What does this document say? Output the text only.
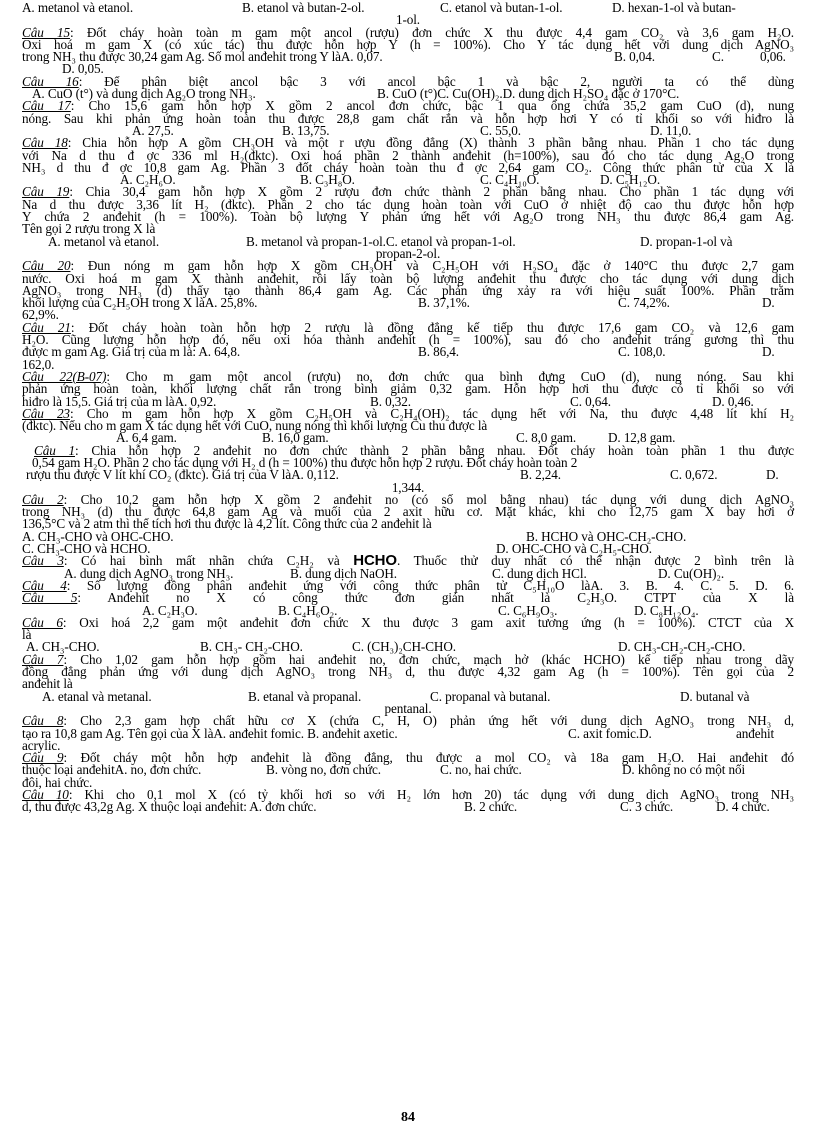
A. metanol và etanol.	B. etanol và butan-2-ol.	C. etanol và butan-1-ol.	D. hexan-1-ol và butan-
1-ol.
Câu 15: Đốt cháy hoàn toàn m gam một ancol (rượu) đơn chức X thu được 4,4 gam CO₂ và 3,6 gam H₂O.
Oxi hoá m gam X (có xúc tác) thu được hỗn hợp Y (h = 100%). Cho Y tác dụng hết với dung dịch AgNO₃
trong NH₃ thu được 30,24 gam Ag. Số mol anđehit trong Y làA. 0,07.	B. 0,04.	C.	0,06.
D. 0,05.
Câu 16: Để phân biệt ancol bậc 3 với ancol bậc 1 và bậc 2, người ta có thể dùng
A. CuO (t°) và dung dịch Ag₂O trong NH₃.	B. CuO (t°)C. Cu(OH)₂.D. dung dịch H₂SO₄ đặc ở 170°C.
Câu 17: Cho 15,6 gam hỗn hợp X gồm 2 ancol đơn chức, bậc 1 qua ống chứa 35,2 gam CuO (d), nung
nóng. Sau khi phản ứng hoàn toàn thu được 28,8 gam chất rắn và hỗn hợp hơi Y có tỉ khối so với hiđro là
A. 27,5.	B. 13,75.	C. 55,0.	D. 11,0.
Câu 18: Chia hỗn hợp A gồm CH₃OH và một r ượu đồng đẳng (X) thành 3 phần bằng nhau. Phần 1 cho tác dụng
với Na d thu đ ợc 336 ml H₂(đktc). Oxi hoá phần 2 thành anđehit (h=100%), sau đó cho tác dụng Ag₂O trong
NH₃ d thu đ ợc 10,8 gam Ag. Phần 3 đốt cháy hoàn toàn thu đ ợc 2,64 gam CO₂. Công thức phân tử của X là
A. C₂H₆O.	B. C₃H₈O.	C. C₄H₁₀O.	D. C₅H₁₂O.
Câu 19: Chia 30,4 gam hỗn hợp X gồm 2 rượu đơn chức thành 2 phần bằng nhau. Cho phần 1 tác dụng với
Na d thu được 3,36 lít H₂ (đktc). Phần 2 cho tác dụng hoàn toàn với CuO ở nhiệt độ cao thu được hỗn hợp
Y chứa 2 anđehit (h = 100%). Toàn bộ lượng Y phản ứng hết với Ag₂O trong NH₃ thu được 86,4 gam Ag.
Tên gọi 2 rượu trong X là
A. metanol và etanol.	B. metanol và propan-1-ol.C. etanol và propan-1-ol.	D. propan-1-ol và
propan-2-ol.
Câu 20: Đun nóng m gam hỗn hợp X gồm CH₃OH và C₂H₅OH với H₂SO₄ đặc ở 140°C thu được 2,7 gam
nước. Oxi hoá m gam X thành anđehit, rồi lấy toàn bộ lượng anđehit thu được cho tác dụng với dung dịch
AgNO₃ trong NH₃ (d) thấy tạo thành 86,4 gam Ag. Các phản ứng xảy ra với hiệu suất 100%. Phần trăm
khối lượng của C₂H₅OH trong X làA. 25,8%.	B. 37,1%.	C. 74,2%.	D.
62,9%.
Câu 21: Đốt cháy hoàn toàn hỗn hợp 2 rượu là đồng đẳng kế tiếp thu được 17,6 gam CO₂ và 12,6 gam
H₂O. Cũng lượng hỗn hợp đó, nếu oxi hóa thành anđehit (h = 100%), sau đó cho anđehit tráng gương thì thu
được m gam Ag. Giá trị của m là: A. 64,8.	B. 86,4.	C. 108,0.	D.
162,0.
Câu 22(B-07): Cho m gam một ancol (rượu) no, đơn chức qua bình đựng CuO (d), nung nóng. Sau khi
phản ứng hoàn toàn, khối lượng chất rắn trong bình giảm 0,32 gam. Hỗn hợp hơi thu được có tỉ khối so với
hiđro là 15,5. Giá trị của m làA. 0,92.	B. 0,32.	C. 0,64.	D. 0,46.
Câu 23: Cho m gam hỗn hợp X gồm C₂H₅OH và C₂H₄(OH)₂ tác dụng hết với Na, thu được 4,48 lít khí H₂
(đktc). Nếu cho m gam X tác dụng hết với CuO, nung nóng thì khối lượng Cu thu được là
A. 6,4 gam.	B. 16,0 gam.	C. 8,0 gam. D. 12,8 gam.
Câu 1: Chia hỗn hợp 2 anđehit no đơn chức thành 2 phần bằng nhau. Đốt cháy hoàn toàn phần 1 thu được
0,54 gam H₂O. Phần 2 cho tác dụng với H₂ d (h = 100%) thu được hỗn hợp 2 rượu. Đốt cháy hoàn toàn 2
rượu thu được V lít khí CO₂ (đktc). Giá trị của V làA. 0,112.	B. 2,24.	C. 0,672.	D.
1,344.
Câu 2: Cho 10,2 gam hỗn hợp X gồm 2 anđehit no (có số mol bằng nhau) tác dụng với dung dịch AgNO₃
trong NH₃ (d) thu được 64,8 gam Ag và muối của 2 axit hữu cơ. Mặt khác, khi cho 12,75 gam X bay hơi ở
136,5°C và 2 atm thì thể tích hơi thu được là 4,2 lít. Công thức của 2 anđehit là
A. CH₃-CHO và OHC-CHO.	B. HCHO và OHC-CH₂-CHO.
C. CH₃-CHO và HCHO.	D. OHC-CHO và C₂H₅-CHO.
Câu 3: Có hai bình mất nhãn chứa C₂H₂ và HCHO. Thuốc thử duy nhất có thể nhận được 2 bình trên là
A. dung dịch AgNO₃ trong NH₃.	B. dung dịch NaOH.	C. dung dịch HCl.	D. Cu(OH)₂.
Câu 4: Số lượng đồng phân anđehit ứng với công thức phân tử C₅H₁₀O làA. 3. B. 4. C. 5. D. 6.
Câu 5: Anđehit no X có công thức đơn giản nhất là C₂H₃O. CTPT của X là
A. C₂H₃O.	B. C₄H₆O₂.	C. C₆H₉O₃.	D. C₈H₁₂O₄.
Câu 6: Oxi hoá 2,2 gam một anđehit đơn chức X thu được 3 gam axit tương ứng (h = 100%). CTCT của X
là
A. CH₃-CHO.	B. CH₃- CH₂-CHO.	C. (CH₃)₂CH-CHO.	D. CH₃-CH₂-CH₂-CHO.
Câu 7: Cho 1,02 gam hỗn hợp gồm hai anđehit no, đơn chức, mạch hở (khác HCHO) kế tiếp nhau trong dãy
đồng đẳng phản ứng với dung dịch AgNO₃ trong NH₃ d, thu được 4,32 gam Ag (h = 100%). Tên gọi của 2
anđehit là
A. etanal và metanal.	B. etanal và propanal.	C. propanal và butanal.	D. butanal và
pentanal.
Câu 8: Cho 2,3 gam hợp chất hữu cơ X (chứa C, H, O) phản ứng hết với dung dịch AgNO₃ trong NH₃ d,
tạo ra 10,8 gam Ag. Tên gọi của X làA. anđehit fomic. B. anđehit axetic.	C. axit fomic.D.	anđehit
acrylic.
Câu 9: Đốt cháy một hỗn hợp anđehit là đồng đẳng, thu được a mol CO₂ và 18a gam H₂O. Hai anđehit đó
thuộc loại anđehitA. no, đơn chức.	B. vòng no, đơn chức.	C. no, hai chức.	D. không no có một nối
đôi, hai chức.
Câu 10: Khi cho 0,1 mol X (có tỷ khối hơi so với H₂ lớn hơn 20) tác dụng với dung dịch AgNO₃ trong NH₃
d, thu được 43,2g Ag. X thuộc loại anđehit: A. đơn chức.	B. 2 chức.	C. 3 chức.	D. 4 chức.
84
